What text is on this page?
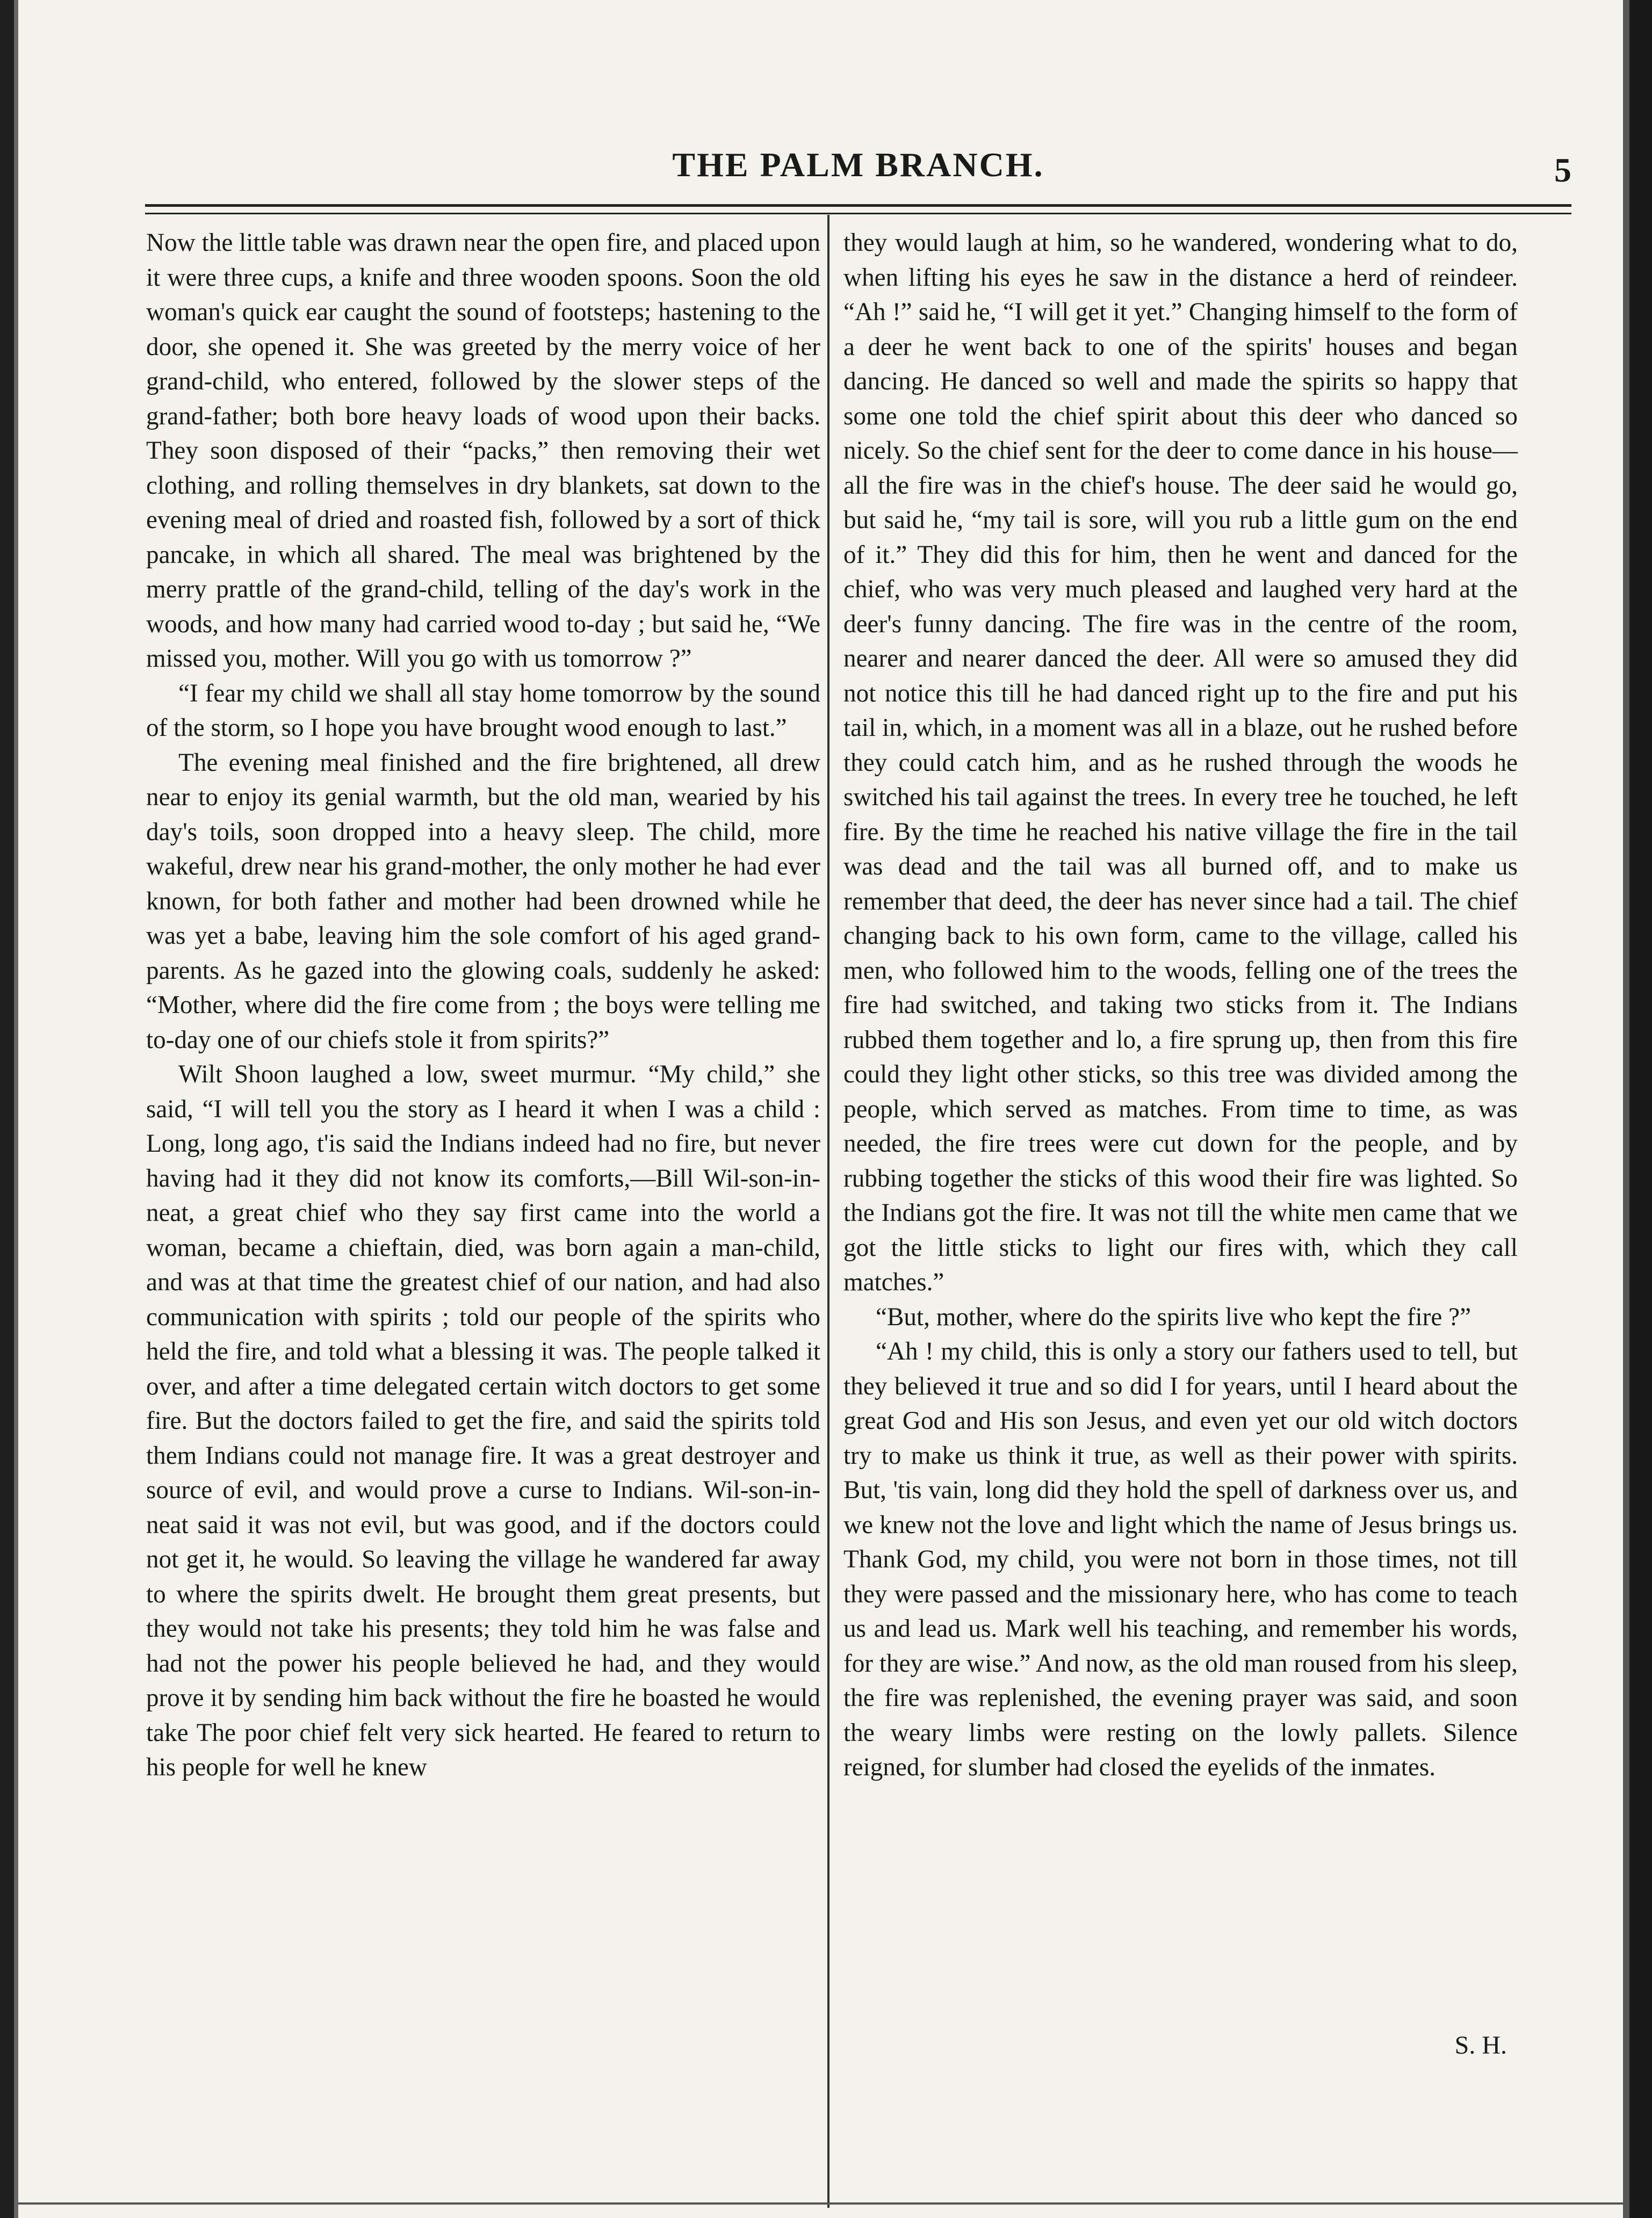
THE PALM BRANCH.	5

Now the little table was drawn near the open fire, and placed upon it were three cups, a knife and three wooden spoons. Soon the old woman's quick ear caught the sound of footsteps; hastening to the door, she opened it. She was greeted by the merry voice of her grand-child, who entered, followed by the slower steps of the grand-father; both bore heavy loads of wood upon their backs. They soon disposed of their “packs,” then removing their wet clothing, and rolling themselves in dry blankets, sat down to the evening meal of dried and roasted fish, followed by a sort of thick pancake, in which all shared. The meal was brightened by the merry prattle of the grand-child, telling of the day's work in the woods, and how many had carried wood to-day ; but said he, “We missed you, mother. Will you go with us tomorrow ?”

“I fear my child we shall all stay home tomorrow by the sound of the storm, so I hope you have brought wood enough to last.”

The evening meal finished and the fire brightened, all drew near to enjoy its genial warmth, but the old man, wearied by his day's toils, soon dropped into a heavy sleep. The child, more wakeful, drew near his grand-mother, the only mother he had ever known, for both father and mother had been drowned while he was yet a babe, leaving him the sole comfort of his aged grand-parents. As he gazed into the glowing coals, suddenly he asked: “Mother, where did the fire come from ; the boys were telling me to-day one of our chiefs stole it from spirits?”

Wilt Shoon laughed a low, sweet murmur. “My child,” she said, “I will tell you the story as I heard it when I was a child : Long, long ago, t'is said the Indians indeed had no fire, but never having had it they did not know its comforts,—Bill Wil-son-in-neat, a great chief who they say first came into the world a woman, became a chieftain, died, was born again a man-child, and was at that time the greatest chief of our nation, and had also communication with spirits ; told our people of the spirits who held the fire, and told what a blessing it was. The people talked it over, and after a time delegated certain witch doctors to get some fire. But the doctors failed to get the fire, and said the spirits told them Indians could not manage fire. It was a great destroyer and source of evil, and would prove a curse to Indians. Wil-son-in-neat said it was not evil, but was good, and if the doctors could not get it, he would. So leaving the village he wandered far away to where the spirits dwelt. He brought them great presents, but they would not take his presents; they told him he was false and had not the power his people believed he had, and they would prove it by sending him back without the fire he boasted he would take The poor chief felt very sick hearted. He feared to return to his people for well he knew

they would laugh at him, so he wandered, wondering what to do, when lifting his eyes he saw in the distance a herd of reindeer. “Ah !” said he, “I will get it yet.” Changing himself to the form of a deer he went back to one of the spirits' houses and began dancing. He danced so well and made the spirits so happy that some one told the chief spirit about this deer who danced so nicely. So the chief sent for the deer to come dance in his house—all the fire was in the chief's house. The deer said he would go, but said he, “my tail is sore, will you rub a little gum on the end of it.” They did this for him, then he went and danced for the chief, who was very much pleased and laughed very hard at the deer's funny dancing. The fire was in the centre of the room, nearer and nearer danced the deer. All were so amused they did not notice this till he had danced right up to the fire and put his tail in, which, in a moment was all in a blaze, out he rushed before they could catch him, and as he rushed through the woods he switched his tail against the trees. In every tree he touched, he left fire. By the time he reached his native village the fire in the tail was dead and the tail was all burned off, and to make us remember that deed, the deer has never since had a tail. The chief changing back to his own form, came to the village, called his men, who followed him to the woods, felling one of the trees the fire had switched, and taking two sticks from it. The Indians rubbed them together and lo, a fire sprung up, then from this fire could they light other sticks, so this tree was divided among the people, which served as matches. From time to time, as was needed, the fire trees were cut down for the people, and by rubbing together the sticks of this wood their fire was lighted. So the Indians got the fire. It was not till the white men came that we got the little sticks to light our fires with, which they call matches.”

“But, mother, where do the spirits live who kept the fire ?”

“Ah ! my child, this is only a story our fathers used to tell, but they believed it true and so did I for years, until I heard about the great God and His son Jesus, and even yet our old witch doctors try to make us think it true, as well as their power with spirits. But, 'tis vain, long did they hold the spell of darkness over us, and we knew not the love and light which the name of Jesus brings us. Thank God, my child, you were not born in those times, not till they were passed and the missionary here, who has come to teach us and lead us. Mark well his teaching, and remember his words, for they are wise.” And now, as the old man roused from his sleep, the fire was replenished, the evening prayer was said, and soon the weary limbs were resting on the lowly pallets. Silence reigned, for slumber had closed the eyelids of the inmates.

S. H.
